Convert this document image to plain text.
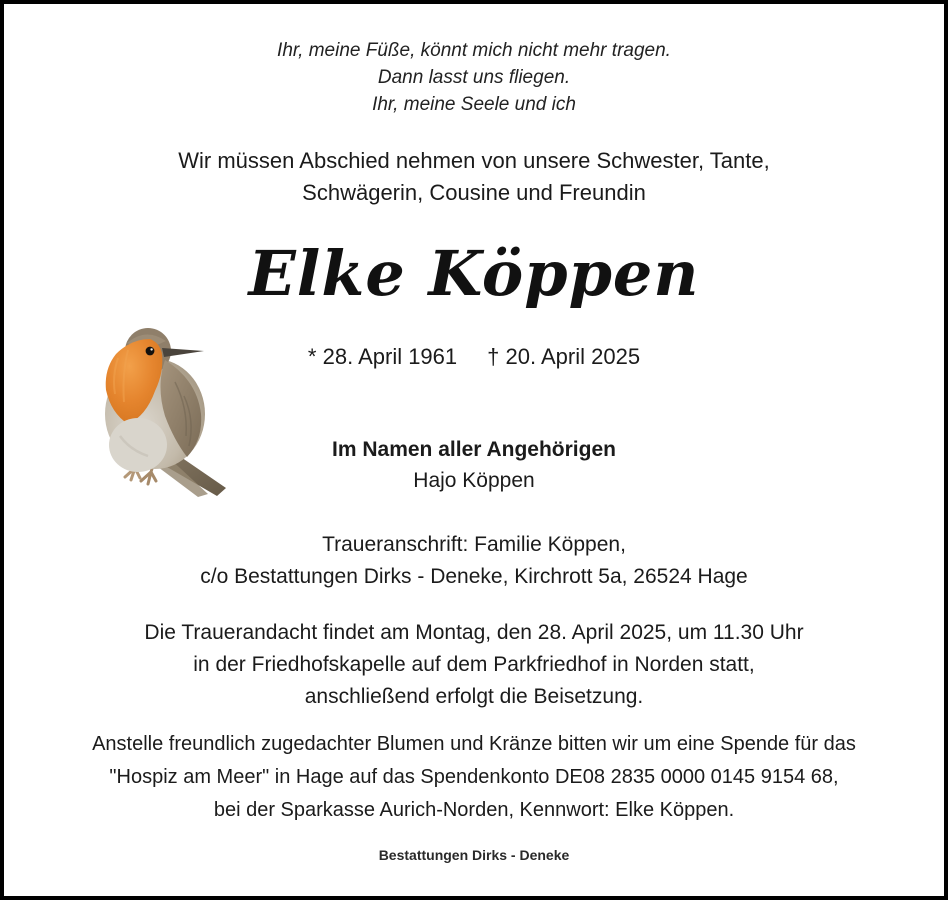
Ihr, meine Füße, könnt mich nicht mehr tragen.
Dann lasst uns fliegen.
Ihr, meine Seele und ich
Wir müssen Abschied nehmen von unsere Schwester, Tante,
Schwägerin, Cousine und Freundin
Elke Köppen
* 28. April 1961 † 20. April 2025
Im Namen aller Angehörigen
Hajo Köppen
Traueranschrift: Familie Köppen,
c/o Bestattungen Dirks - Deneke, Kirchrott 5a, 26524 Hage
Die Trauerandacht findet am Montag, den 28. April 2025, um 11.30 Uhr
in der Friedhofskapelle auf dem Parkfriedhof in Norden statt,
anschließend erfolgt die Beisetzung.
Anstelle freundlich zugedachter Blumen und Kränze bitten wir um eine Spende für das
"Hospiz am Meer" in Hage auf das Spendenkonto DE08 2835 0000 0145 9154 68,
bei der Sparkasse Aurich-Norden, Kennwort: Elke Köppen.
Bestattungen Dirks - Deneke
